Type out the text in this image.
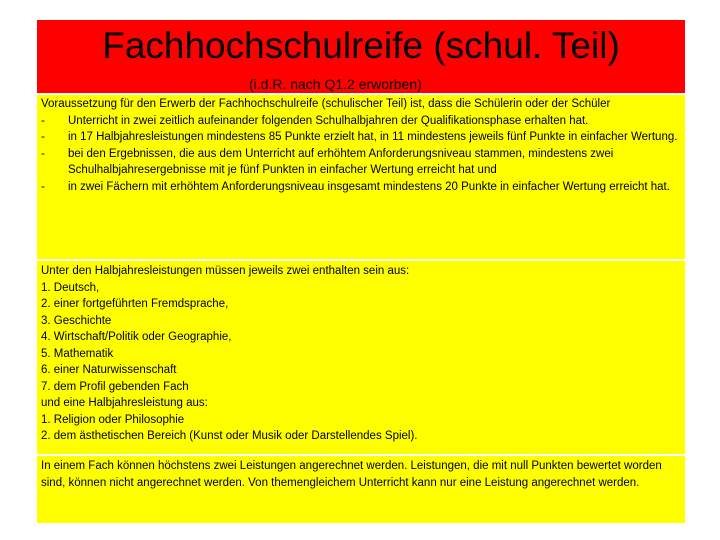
Fachhochschulreife (schul. Teil)
(i.d.R. nach Q1.2 erworben)
Voraussetzung für den Erwerb der Fachhochschulreife (schulischer Teil) ist, dass die Schülerin oder der Schüler
-	Unterricht in zwei zeitlich aufeinander folgenden Schulhalbjahren der Qualifikationsphase erhalten hat.
-	in 17 Halbjahresleistungen mindestens 85 Punkte erzielt hat, in 11 mindestens jeweils fünf Punkte in einfacher Wertung.
-	bei den Ergebnissen, die aus dem Unterricht auf erhöhtem Anforderungsniveau stammen, mindestens zwei Schulhalbjahresergebnisse mit je fünf Punkten in einfacher Wertung erreicht hat und
-	in zwei Fächern mit erhöhtem Anforderungsniveau insgesamt mindestens 20 Punkte in einfacher Wertung erreicht hat.
Unter den Halbjahresleistungen müssen jeweils zwei enthalten sein aus:
1. Deutsch,
2. einer fortgeführten Fremdsprache,
3. Geschichte
4. Wirtschaft/Politik oder Geographie,
5. Mathematik
6. einer Naturwissenschaft
7. dem Profil gebenden Fach
und eine Halbjahresleistung aus:
1. Religion oder Philosophie
2. dem ästhetischen Bereich (Kunst oder Musik oder Darstellendes Spiel).
In einem Fach können höchstens zwei Leistungen angerechnet werden. Leistungen, die mit null Punkten bewertet worden sind, können nicht angerechnet werden. Von themengleichem Unterricht kann nur eine Leistung angerechnet werden.
